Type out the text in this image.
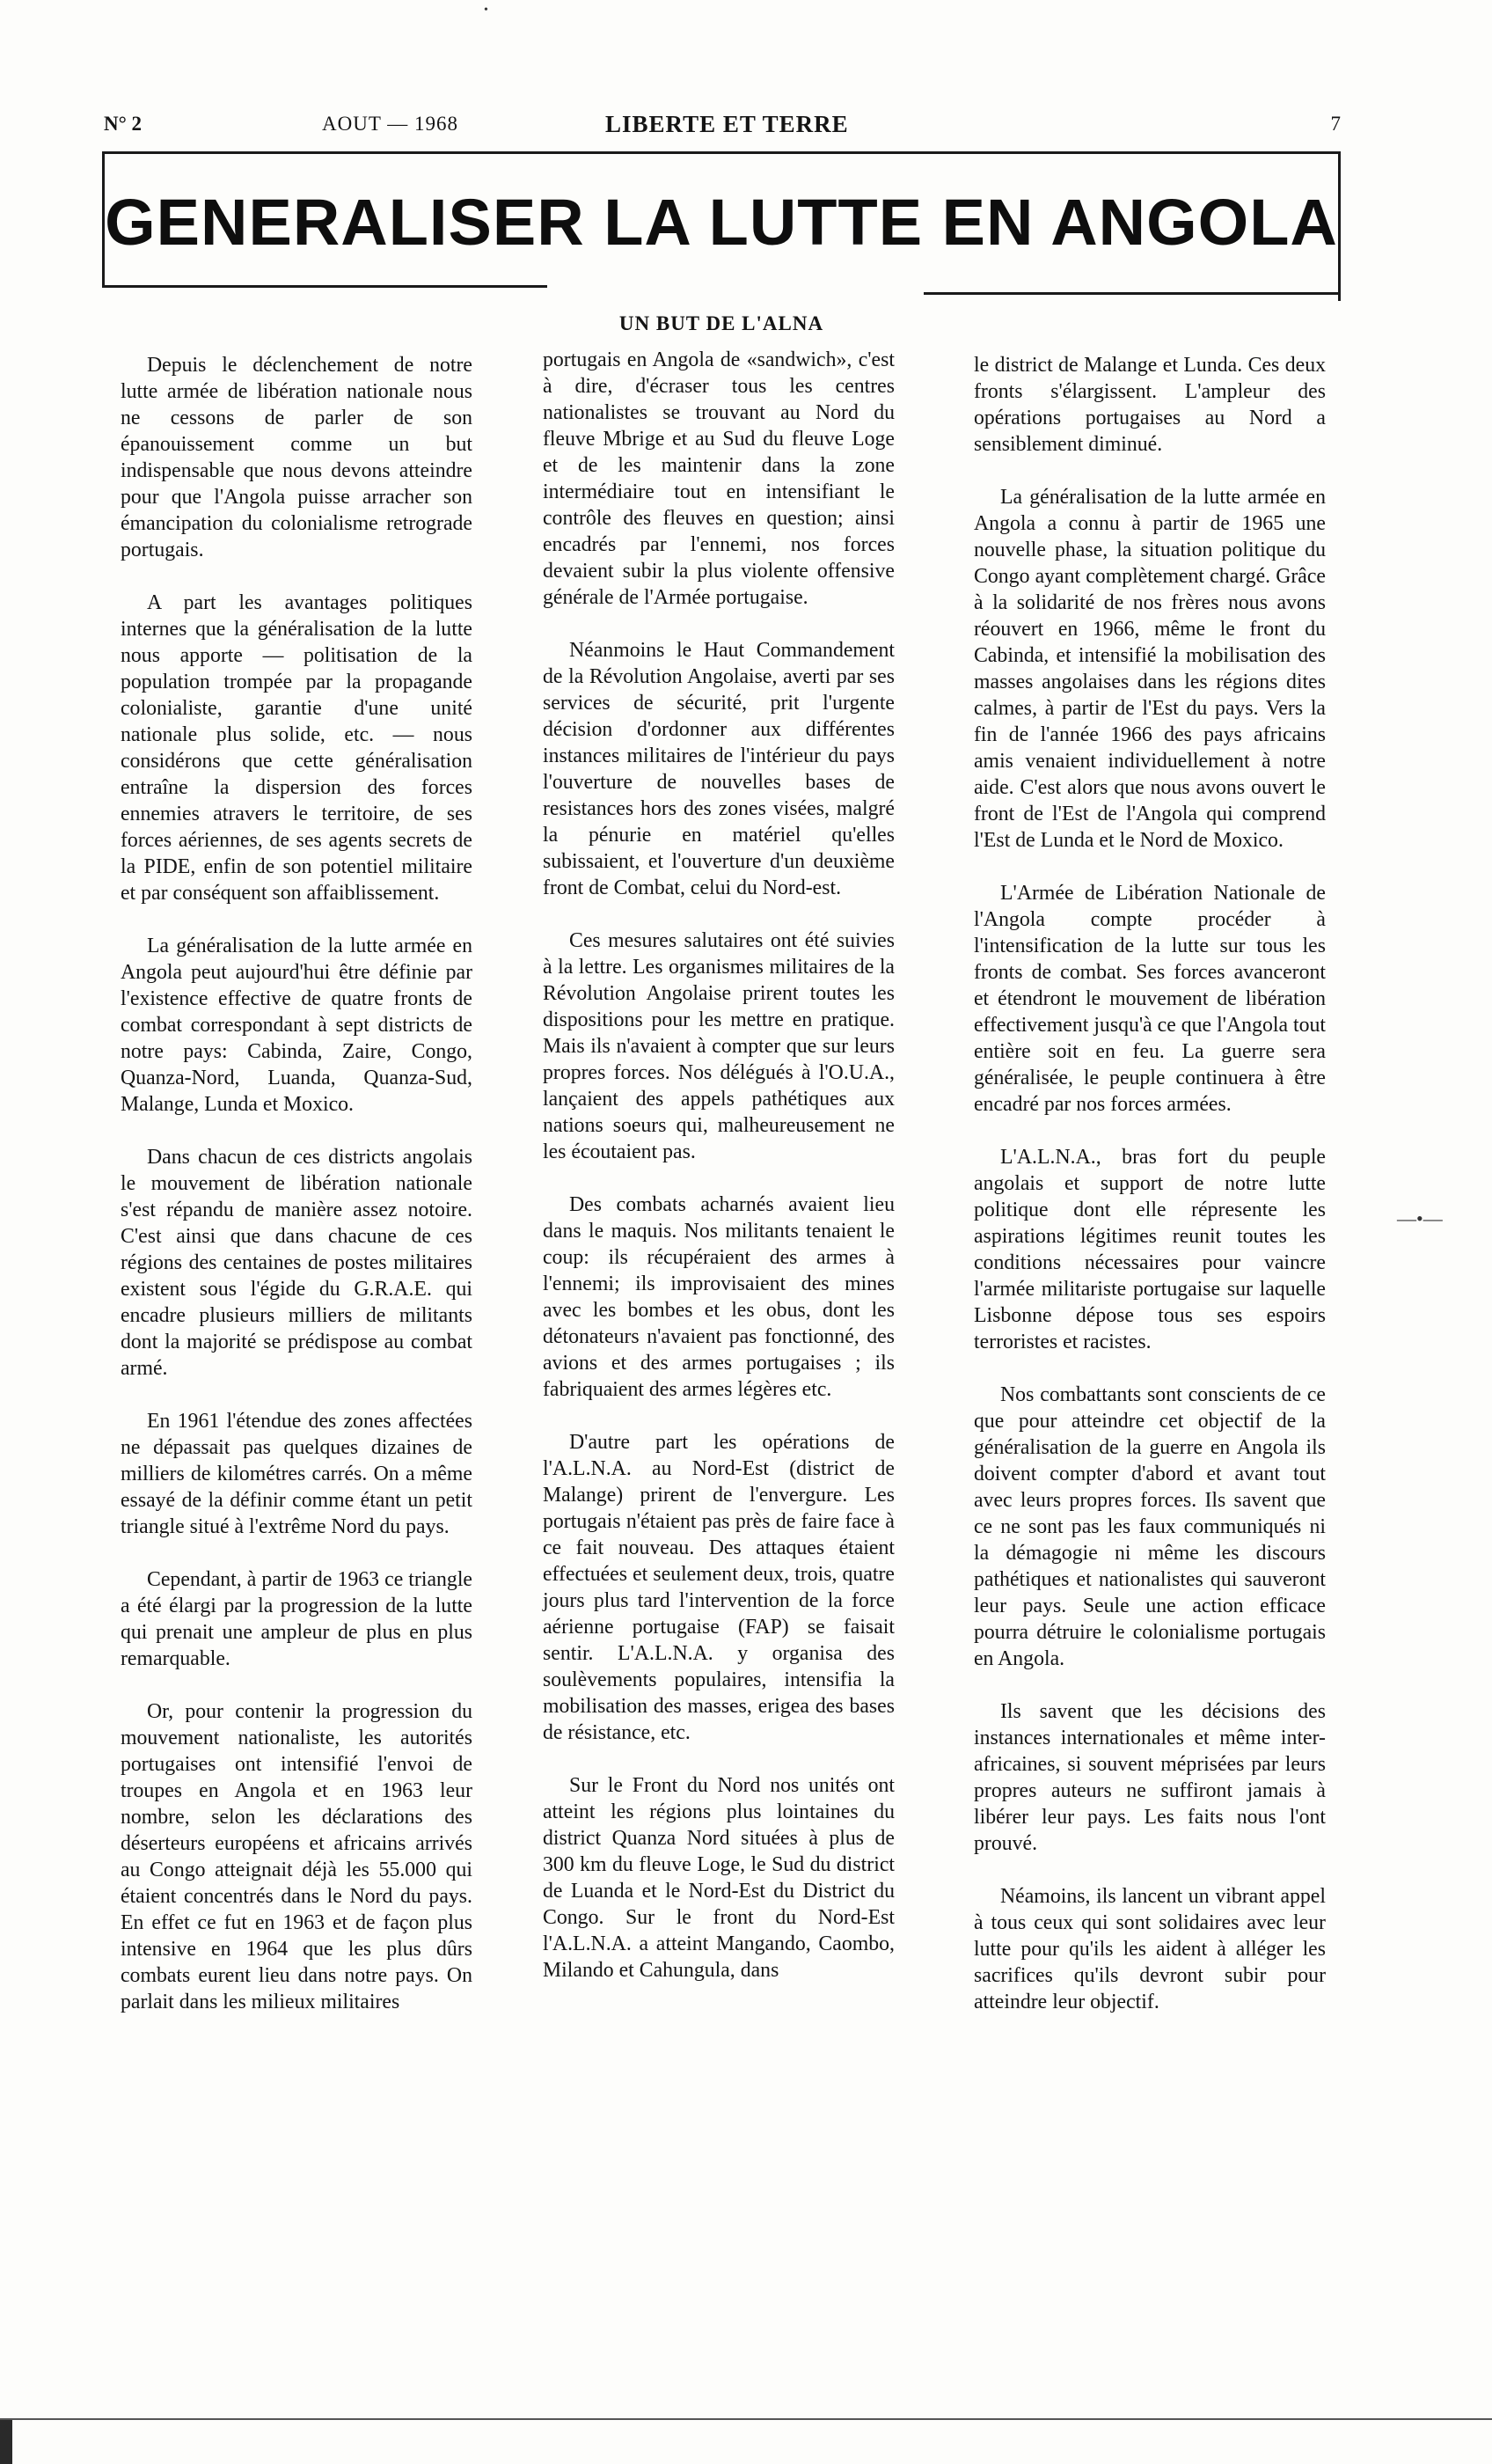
N° 2	AOUT — 1968	LIBERTE ET TERRE	7
GENERALISER LA LUTTE EN ANGOLA
UN BUT DE L'ALNA

Depuis le déclenchement de notre lutte armée de libération nationale nous ne cessons de parler de son épanouissement comme un but indispensable que nous devons atteindre pour que l'Angola puisse arracher son émancipation du colonialisme retrograde portugais.

A part les avantages politiques internes que la généralisation de la lutte nous apporte — politisation de la population trompée par la propagande colonialiste, garantie d'une unité nationale plus solide, etc. — nous considérons que cette généralisation entraîne la dispersion des forces ennemies atravers le territoire, de ses forces aériennes, de ses agents secrets de la PIDE, enfin de son potentiel militaire et par conséquent son affaiblissement.

La généralisation de la lutte armée en Angola peut aujourd'hui être définie par l'existence effective de quatre fronts de combat correspondant à sept districts de notre pays: Cabinda, Zaire, Congo, Quanza-Nord, Luanda, Quanza-Sud, Malange, Lunda et Moxico.

Dans chacun de ces districts angolais le mouvement de libération nationale s'est répandu de manière assez notoire. C'est ainsi que dans chacune de ces régions des centaines de postes militaires existent sous l'égide du G.R.A.E. qui encadre plusieurs milliers de militants dont la majorité se prédispose au combat armé.

En 1961 l'étendue des zones affectées ne dépassait pas quelques dizaines de milliers de kilométres carrés. On a même essayé de la définir comme étant un petit triangle situé à l'extrême Nord du pays.

Cependant, à partir de 1963 ce triangle a été élargi par la progression de la lutte qui prenait une ampleur de plus en plus remarquable.

Or, pour contenir la progression du mouvement nationaliste, les autorités portugaises ont intensifié l'envoi de troupes en Angola et en 1963 leur nombre, selon les déclarations des déserteurs européens et africains arrivés au Congo atteignait déjà les 55.000 qui étaient concentrés dans le Nord du pays. En effet ce fut en 1963 et de façon plus intensive en 1964 que les plus dûrs combats eurent lieu dans notre pays. On parlait dans les milieux militaires

portugais en Angola de «sandwich», c'est à dire, d'écraser tous les centres nationalistes se trouvant au Nord du fleuve Mbrige et au Sud du fleuve Loge et de les maintenir dans la zone intermédiaire tout en intensifiant le contrôle des fleuves en question; ainsi encadrés par l'ennemi, nos forces devaient subir la plus violente offensive générale de l'Armée portugaise.

Néanmoins le Haut Commandement de la Révolution Angolaise, averti par ses services de sécurité, prit l'urgente décision d'ordonner aux différentes instances militaires de l'intérieur du pays l'ouverture de nouvelles bases de resistances hors des zones visées, malgré la pénurie en matériel qu'elles subissaient, et l'ouverture d'un deuxième front de Combat, celui du Nord-est.

Ces mesures salutaires ont été suivies à la lettre. Les organismes militaires de la Révolution Angolaise prirent toutes les dispositions pour les mettre en pratique. Mais ils n'avaient à compter que sur leurs propres forces. Nos délégués à l'O.U.A., lançaient des appels pathétiques aux nations soeurs qui, malheureusement ne les écoutaient pas.

Des combats acharnés avaient lieu dans le maquis. Nos militants tenaient le coup: ils récupéraient des armes à l'ennemi; ils improvisaient des mines avec les bombes et les obus, dont les détonateurs n'avaient pas fonctionné, des avions et des armes portugaises ; ils fabriquaient des armes légères etc.

D'autre part les opérations de l'A.L.N.A. au Nord-Est (district de Malange) prirent de l'envergure. Les portugais n'étaient pas près de faire face à ce fait nouveau. Des attaques étaient effectuées et seulement deux, trois, quatre jours plus tard l'intervention de la force aérienne portugaise (FAP) se faisait sentir. L'A.L.N.A. y organisa des soulèvements populaires, intensifia la mobilisation des masses, erigea des bases de résistance, etc.

Sur le Front du Nord nos unités ont atteint les régions plus lointaines du district Quanza Nord situées à plus de 300 km du fleuve Loge, le Sud du district de Luanda et le Nord-Est du District du Congo. Sur le front du Nord-Est l'A.L.N.A. a atteint Mangando, Caombo, Milando et Cahungula, dans

le district de Malange et Lunda. Ces deux fronts s'élargissent. L'ampleur des opérations portugaises au Nord a sensiblement diminué.

La généralisation de la lutte armée en Angola a connu à partir de 1965 une nouvelle phase, la situation politique du Congo ayant complètement chargé. Grâce à la solidarité de nos frères nous avons réouvert en 1966, même le front du Cabinda, et intensifié la mobilisation des masses angolaises dans les régions dites calmes, à partir de l'Est du pays. Vers la fin de l'année 1966 des pays africains amis venaient individuellement à notre aide. C'est alors que nous avons ouvert le front de l'Est de l'Angola qui comprend l'Est de Lunda et le Nord de Moxico.

L'Armée de Libération Nationale de l'Angola compte procéder à l'intensification de la lutte sur tous les fronts de combat. Ses forces avanceront et étendront le mouvement de libération effectivement jusqu'à ce que l'Angola tout entière soit en feu. La guerre sera généralisée, le peuple continuera à être encadré par nos forces armées.

L'A.L.N.A., bras fort du peuple angolais et support de notre lutte politique dont elle répresente les aspirations légitimes reunit toutes les conditions nécessaires pour vaincre l'armée militariste portugaise sur laquelle Lisbonne dépose tous ses espoirs terroristes et racistes.

Nos combattants sont conscients de ce que pour atteindre cet objectif de la généralisation de la guerre en Angola ils doivent compter d'abord et avant tout avec leurs propres forces. Ils savent que ce ne sont pas les faux communiqués ni la démagogie ni même les discours pathétiques et nationalistes qui sauveront leur pays. Seule une action efficace pourra détruire le colonialisme portugais en Angola.

Ils savent que les décisions des instances internationales et même inter-africaines, si souvent méprisées par leurs propres auteurs ne suffiront jamais à libérer leur pays. Les faits nous l'ont prouvé.

Néamoins, ils lancent un vibrant appel à tous ceux qui sont solidaires avec leur lutte pour qu'ils les aident à alléger les sacrifices qu'ils devront subir pour atteindre leur objectif.

—•—
•
